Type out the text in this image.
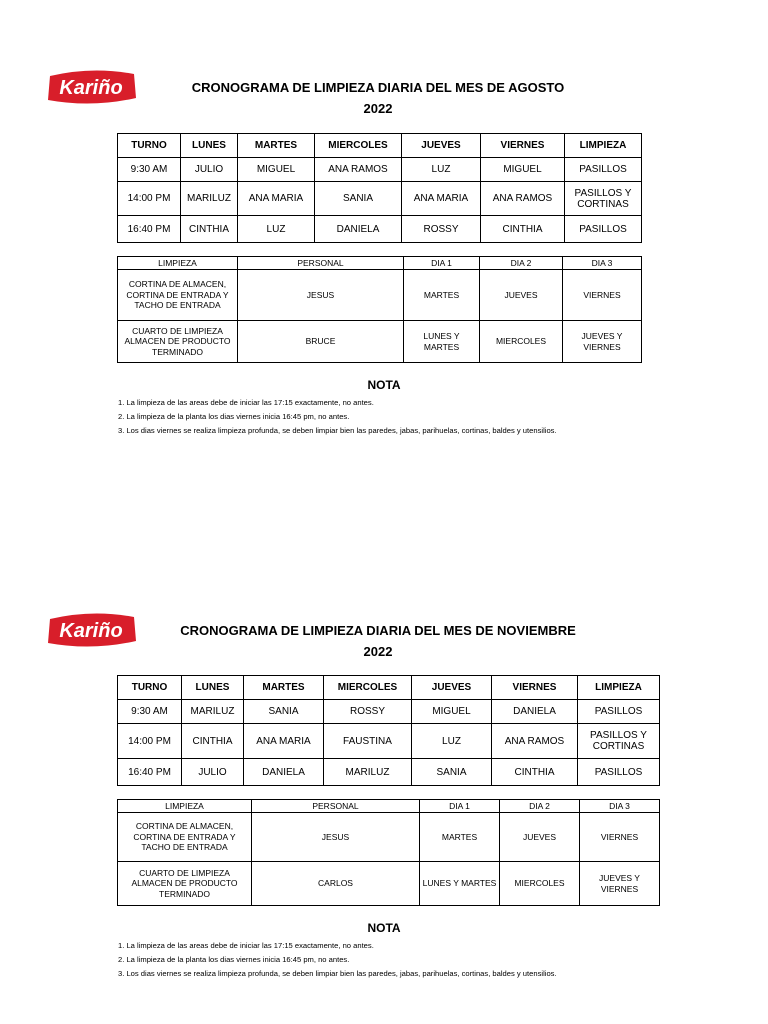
Kariño	CRONOGRAMA DE LIMPIEZA DIARIA DEL MES DE AGOSTO
2022
TURNO	LUNES	MARTES	MIERCOLES	JUEVES	VIERNES	LIMPIEZA
9:30 AM	JULIO	MIGUEL	ANA RAMOS	LUZ	MIGUEL	PASILLOS
14:00 PM	MARILUZ	ANA MARIA	SANIA	ANA MARIA	ANA RAMOS	PASILLOS Y CORTINAS
16:40 PM	CINTHIA	LUZ	DANIELA	ROSSY	CINTHIA	PASILLOS
LIMPIEZA	PERSONAL	DIA 1	DIA 2	DIA 3
CORTINA DE ALMACEN, CORTINA DE ENTRADA Y TACHO DE ENTRADA	JESUS	MARTES	JUEVES	VIERNES
CUARTO DE LIMPIEZA ALMACEN DE PRODUCTO TERMINADO	BRUCE	LUNES Y MARTES	MIERCOLES	JUEVES Y VIERNES
NOTA
1. La limpieza de las areas debe de iniciar las 17:15 exactamente, no antes.
2. La limpieza de la planta los dias viernes inicia 16:45 pm, no antes.
3. Los dias viernes se realiza limpieza profunda, se deben limpiar bien las paredes, jabas, parihuelas, cortinas, baldes y utensilios.
Kariño	CRONOGRAMA DE LIMPIEZA DIARIA DEL MES DE NOVIEMBRE
2022
TURNO	LUNES	MARTES	MIERCOLES	JUEVES	VIERNES	LIMPIEZA
9:30 AM	MARILUZ	SANIA	ROSSY	MIGUEL	DANIELA	PASILLOS
14:00 PM	CINTHIA	ANA MARIA	FAUSTINA	LUZ	ANA RAMOS	PASILLOS Y CORTINAS
16:40 PM	JULIO	DANIELA	MARILUZ	SANIA	CINTHIA	PASILLOS
LIMPIEZA	PERSONAL	DIA 1	DIA 2	DIA 3
CORTINA DE ALMACEN, CORTINA DE ENTRADA Y TACHO DE ENTRADA	JESUS	MARTES	JUEVES	VIERNES
CUARTO DE LIMPIEZA ALMACEN DE PRODUCTO TERMINADO	CARLOS	LUNES Y MARTES	MIERCOLES	JUEVES Y VIERNES
NOTA
1. La limpieza de las areas debe de iniciar las 17:15 exactamente, no antes.
2. La limpieza de la planta los dias viernes inicia 16:45 pm, no antes.
3. Los dias viernes se realiza limpieza profunda, se deben limpiar bien las paredes, jabas, parihuelas, cortinas, baldes y utensilios.
